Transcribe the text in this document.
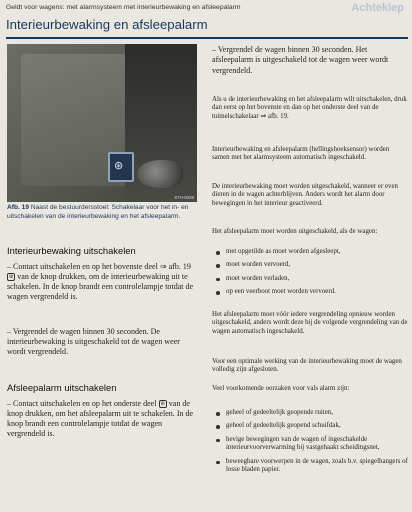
Geldt voor wagens: met alarmsysteem met interieurbewaking en afsleepalarm	Achteklep
Interieurbewaking en afsleepalarm
⊛
S7H-0028
Afb. 19 Naast de bestuurdersstoel: Schakelaar voor het in- en uitschakelen van de interieurbewaking en het afsleepalarm.
Interieurbewaking uitschakelen
– Contact uitschakelen en op het bovenste deel ⇒ afb. 19 ⊛ van de knop drukken, om de interieurbewaking uit te schakelen. In de knop brandt een controlelampje totdat de wagen vergrendeld is.
– Vergrendel de wagen binnen 30 seconden. De interieurbewaking is uitgeschakeld tot de wagen weer wordt vergrendeld.
Afsleepalarm uitschakelen
– Contact uitschakelen en op het onderste deel ⊛ van de knop drukken, om het afsleepalarm uit te schakelen. In de knop brandt een controlelampje totdat de wagen vergrendeld is.
– Vergrendel de wagen binnen 30 seconden. Het afsleepalarm is uitgeschakeld tot de wagen weer wordt vergrendeld.
Als u de interieurbewaking en het afsleepalarm wilt uitschakelen, druk dan eerst op het bovenste en dan op het onderste deel van de tuimelschakelaar ⇒ afb. 19.
Interieurbewaking en afsleepalarm (hellingshoeksensor) worden samen met het alarmsysteem automatisch ingeschakeld.
De interieurbewaking moet worden uitgeschakeld, wanneer er even dieren in de wagen achterblijven. Anders wordt het alarm door bewegingen in het interieur geactiveerd.
Het afsleepalarm moet worden uitgeschakeld, als de wagen:
met opgetilde as moet worden afgesleept,
moet worden vervoerd,
moet worden verladen,
op een veerboot moet worden vervoerd.
Het afsleepalarm moet vóór iedere vergrendeling opnieuw worden uitgeschakeld, anders wordt deze bij de volgende vergrendeling van de wagen automatisch ingeschakeld.
Voor een optimale werking van de interieurbewaking moet de wagen volledig zijn afgesloten.
Veel voorkomende oorzaken voor vals alarm zijn:
geheel of gedeeltelijk geopende ruiten,
geheel of gedeeltelijk geopend schuifdak,
hevige bewegingen van de wagen of ingeschakelde interieurvoorverwarming bij vastgehaakt scheidingsnet,
beweegbare voorwerpen in de wagen, zoals b.v. spiegelhangers of losse bladen papier.
